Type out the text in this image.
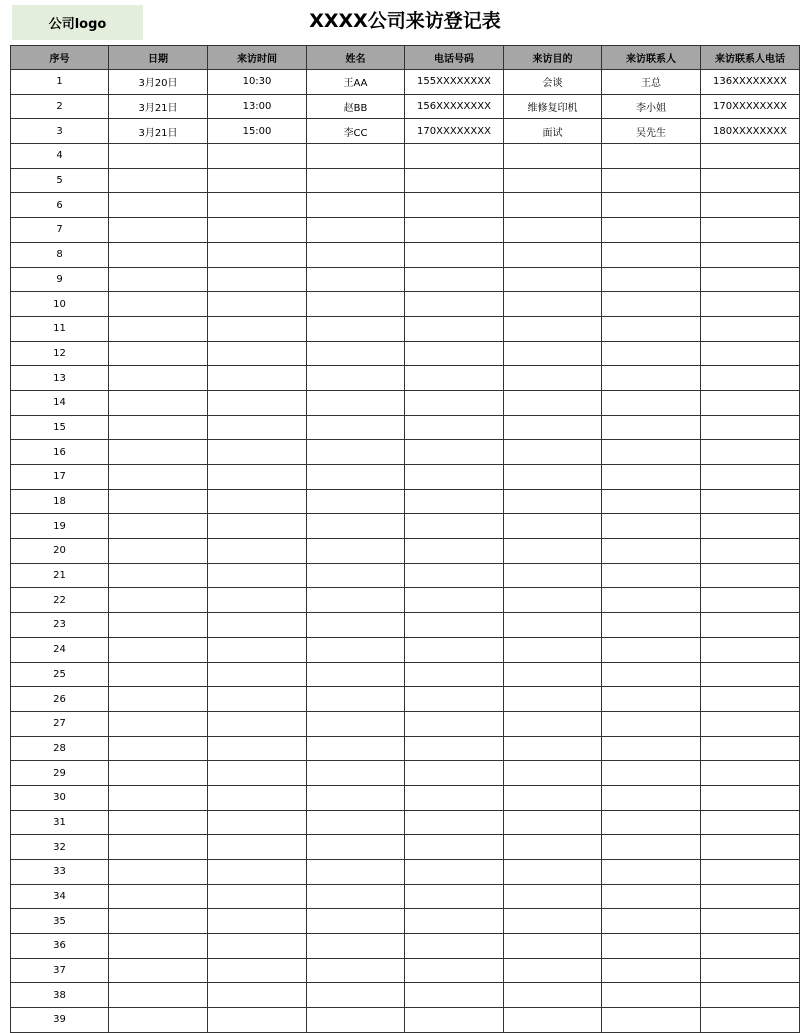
公司logo	XXXX公司来访登记表
序号	日期	来访时间	姓名	电话号码	来访目的	来访联系人	来访联系人电话
1	3月20日	10:30	王AA	155XXXXXXXX	会谈	王总	136XXXXXXXX
2	3月21日	13:00	赵BB	156XXXXXXXX	维修复印机	李小姐	170XXXXXXXX
3	3月21日	15:00	李CC	170XXXXXXXX	面试	吴先生	180XXXXXXXX
4							
5							
6							
7							
8							
9							
10							
11							
12							
13							
14							
15							
16							
17							
18							
19							
20							
21							
22							
23							
24							
25							
26							
27							
28							
29							
30							
31							
32							
33							
34							
35							
36							
37							
38							
39							
